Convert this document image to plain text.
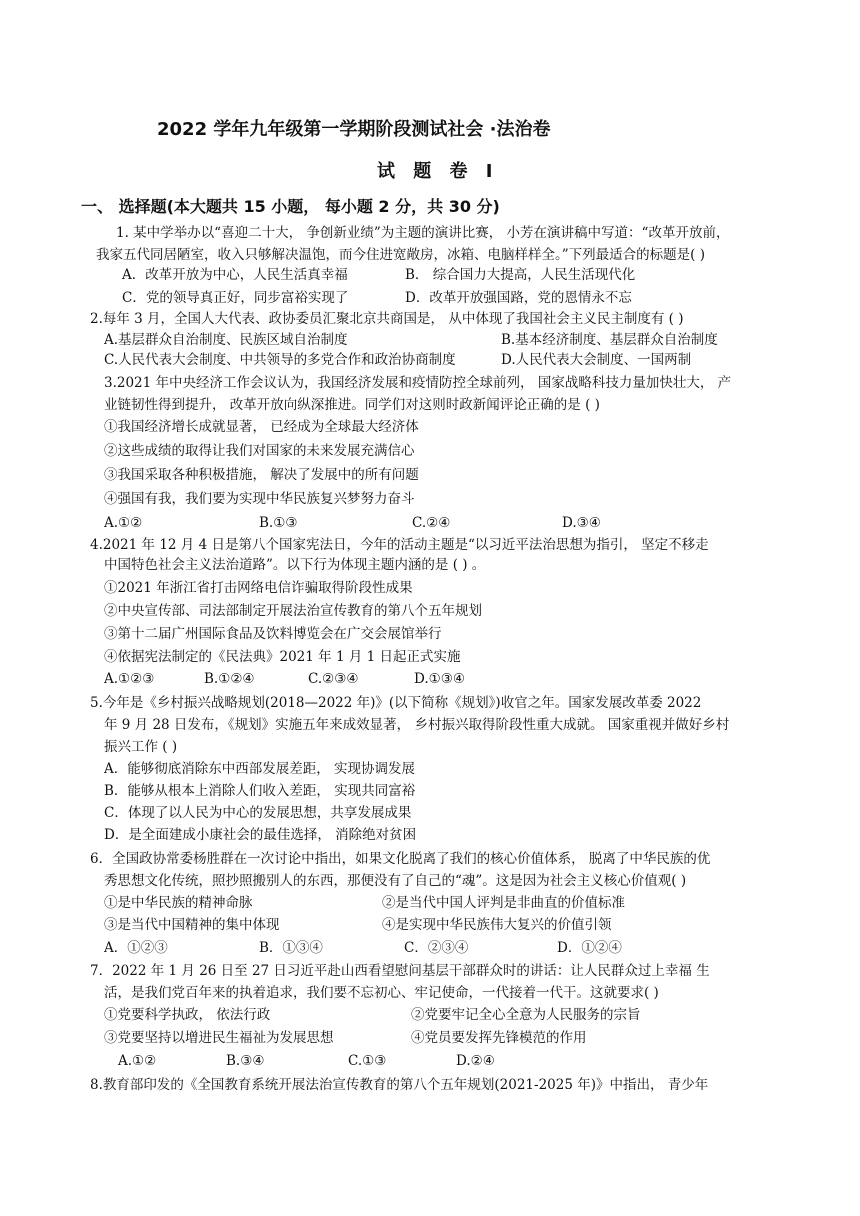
2022 学年九年级第一学期阶段测试社会 ·法治卷
试 题 卷 Ⅰ
一、 选择题(本大题共 15 小题， 每小题 2 分，共 30 分)
1. 某中学举办以“喜迎二十大， 争创新业绩”为主题的演讲比赛， 小芳在演讲稿中写道：“改革开放前，
我家五代同居陋室，收入只够解决温饱，而今住进宽敞房，冰箱、电脑样样全。”下列最适合的标题是( )
A．改革开放为中心，人民生活真幸福	B． 综合国力大提高，人民生活现代化
C．党的领导真正好，同步富裕实现了	D．改革开放强国路，党的恩情永不忘
2.每年 3 月，全国人大代表、政协委员汇聚北京共商国是， 从中体现了我国社会主义民主制度有 ( )
A.基层群众自治制度、民族区域自治制度	B.基本经济制度、基层群众自治制度
C.人民代表大会制度、中共领导的多党合作和政治协商制度	D.人民代表大会制度、一国两制
3.2021 年中央经济工作会议认为，我国经济发展和疫情防控全球前列， 国家战略科技力量加快壮大， 产
业链韧性得到提升， 改革开放向纵深推进。同学们对这则时政新闻评论正确的是 ( )
①我国经济增长成就显著， 已经成为全球最大经济体
②这些成绩的取得让我们对国家的未来发展充满信心
③我国采取各种积极措施， 解决了发展中的所有问题
④强国有我，我们要为实现中华民族复兴梦努力奋斗
A.①②	B.①③	C.②④	D.③④
4.2021 年 12 月 4 日是第八个国家宪法日，今年的活动主题是“以习近平法治思想为指引， 坚定不移走
中国特色社会主义法治道路”。以下行为体现主题内涵的是 ( ) 。
①2021 年浙江省打击网络电信诈骗取得阶段性成果
②中央宣传部、司法部制定开展法治宣传教育的第八个五年规划
③第十二届广州国际食品及饮料博览会在广交会展馆举行
④依据宪法制定的《民法典》2021 年 1 月 1 日起正式实施
A.①②③	B.①②④	C.②③④	D.①③④
5.今年是《乡村振兴战略规划(2018—2022 年)》(以下简称《规划》)收官之年。国家发展改革委 2022
年 9 月 28 日发布，《规划》实施五年来成效显著， 乡村振兴取得阶段性重大成就。 国家重视并做好乡村
振兴工作 ( )
A．能够彻底消除东中西部发展差距， 实现协调发展
B．能够从根本上消除人们收入差距， 实现共同富裕
C．体现了以人民为中心的发展思想，共享发展成果
D．是全面建成小康社会的最佳选择， 消除绝对贫困
6．全国政协常委杨胜群在一次讨论中指出，如果文化脱离了我们的核心价值体系， 脱离了中华民族的优
秀思想文化传统，照抄照搬别人的东西，那便没有了自己的“魂”。这是因为社会主义核心价值观( )
①是中华民族的精神命脉	②是当代中国人评判是非曲直的价值标准
③是当代中国精神的集中体现	④是实现中华民族伟大复兴的价值引领
A．①②③	B．①③④	C．②③④	D．①②④
7．2022 年 1 月 26 日至 27 日习近平赴山西看望慰问基层干部群众时的讲话：让人民群众过上幸福 生
活，是我们党百年来的执着追求，我们要不忘初心、牢记使命，一代接着一代干。这就要求( )
①党要科学执政， 依法行政	②党要牢记全心全意为人民服务的宗旨
③党要坚持以增进民生福祉为发展思想	④党员要发挥先锋模范的作用
A.①②	B.③④	C.①③	D.②④
8.教育部印发的《全国教育系统开展法治宣传教育的第八个五年规划(2021-2025 年)》中指出， 青少年
